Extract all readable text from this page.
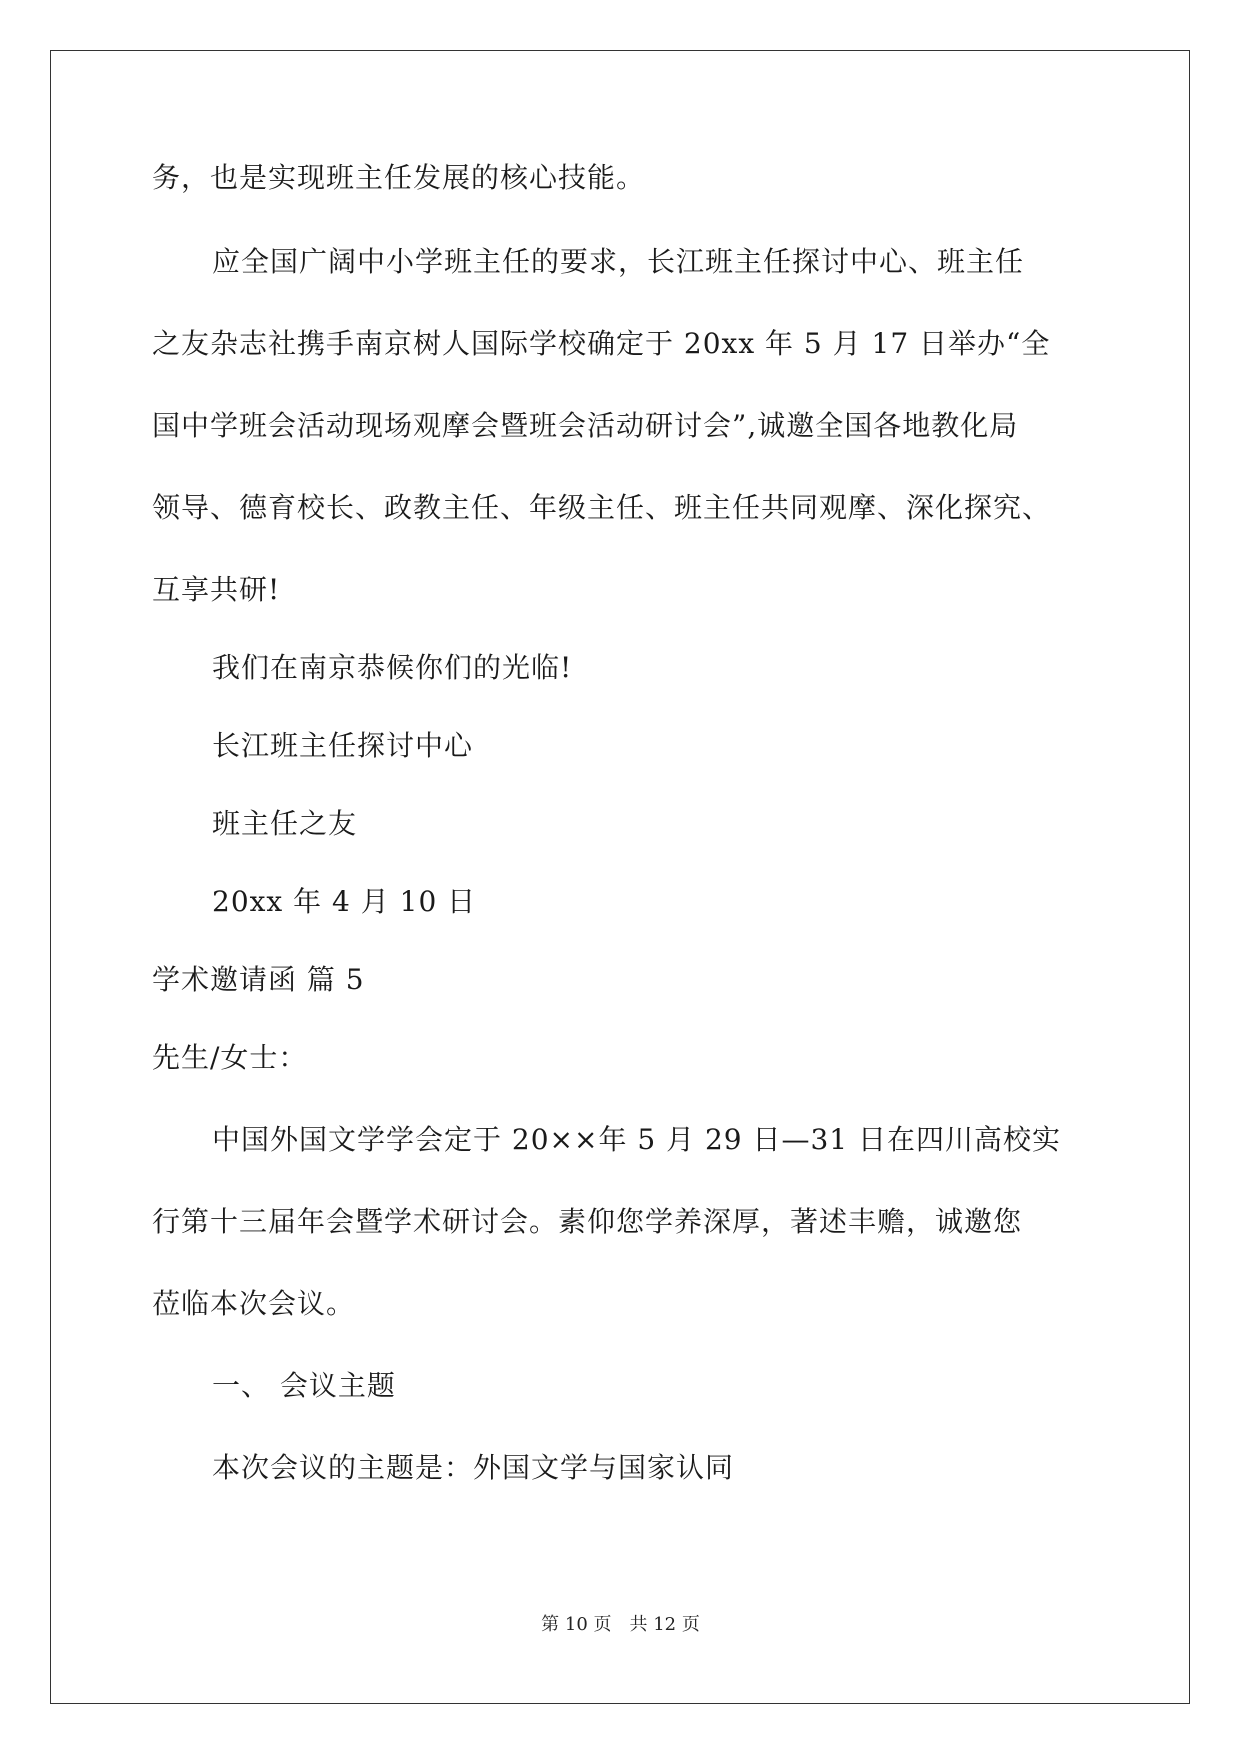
务，也是实现班主任发展的核心技能。
应全国广阔中小学班主任的要求，长江班主任探讨中心、班主任
之友杂志社携手南京树人国际学校确定于 20xx 年 5 月 17 日举办“全
国中学班会活动现场观摩会暨班会活动研讨会”,诚邀全国各地教化局
领导、德育校长、政教主任、年级主任、班主任共同观摩、深化探究、
互享共研!
我们在南京恭候你们的光临!
长江班主任探讨中心
班主任之友
20xx 年 4 月 10 日
学术邀请函 篇 5
先生/女士：
中国外国文学学会定于 20××年 5 月 29 日—31 日在四川高校实
行第十三届年会暨学术研讨会。素仰您学养深厚，著述丰赡，诚邀您
莅临本次会议。
一、 会议主题
本次会议的主题是：外国文学与国家认同
第 10 页 共 12 页
